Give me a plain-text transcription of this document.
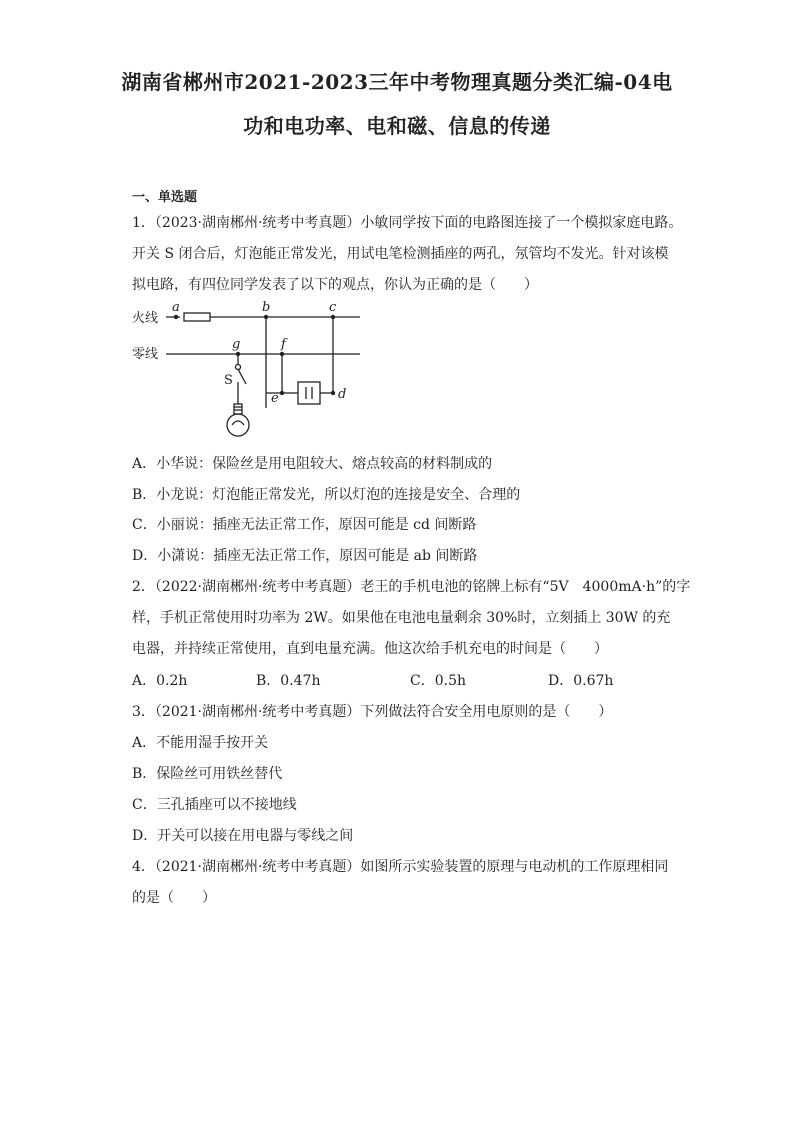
湖南省郴州市2021-2023三年中考物理真题分类汇编-04电
功和电功率、电和磁、信息的传递
一、单选题
1．（2023·湖南郴州·统考中考真题）小敏同学按下面的电路图连接了一个模拟家庭电路。
开关 S 闭合后，灯泡能正常发光，用试电笔检测插座的两孔，氖管均不发光。针对该模
拟电路，有四位同学发表了以下的观点，你认为正确的是（　　）
火线
零线
a	b	c
d
e
f
g
S
A．小华说：保险丝是用电阻较大、熔点较高的材料制成的
B．小龙说：灯泡能正常发光，所以灯泡的连接是安全、合理的
C．小丽说：插座无法正常工作，原因可能是 cd 间断路
D．小潇说：插座无法正常工作，原因可能是 ab 间断路
2．（2022·湖南郴州·统考中考真题）老王的手机电池的铭牌上标有“5V　4000mA·h”的字
样，手机正常使用时功率为 2W。如果他在电池电量剩余 30%时，立刻插上 30W 的充
电器，并持续正常使用，直到电量充满。他这次给手机充电的时间是（　　）
A．0.2h	B．0.47h	C．0.5h	D．0.67h
3．（2021·湖南郴州·统考中考真题）下列做法符合安全用电原则的是（　　）
A．不能用湿手按开关
B．保险丝可用铁丝替代
C．三孔插座可以不接地线
D．开关可以接在用电器与零线之间
4．（2021·湖南郴州·统考中考真题）如图所示实验装置的原理与电动机的工作原理相同
的是（　　）
